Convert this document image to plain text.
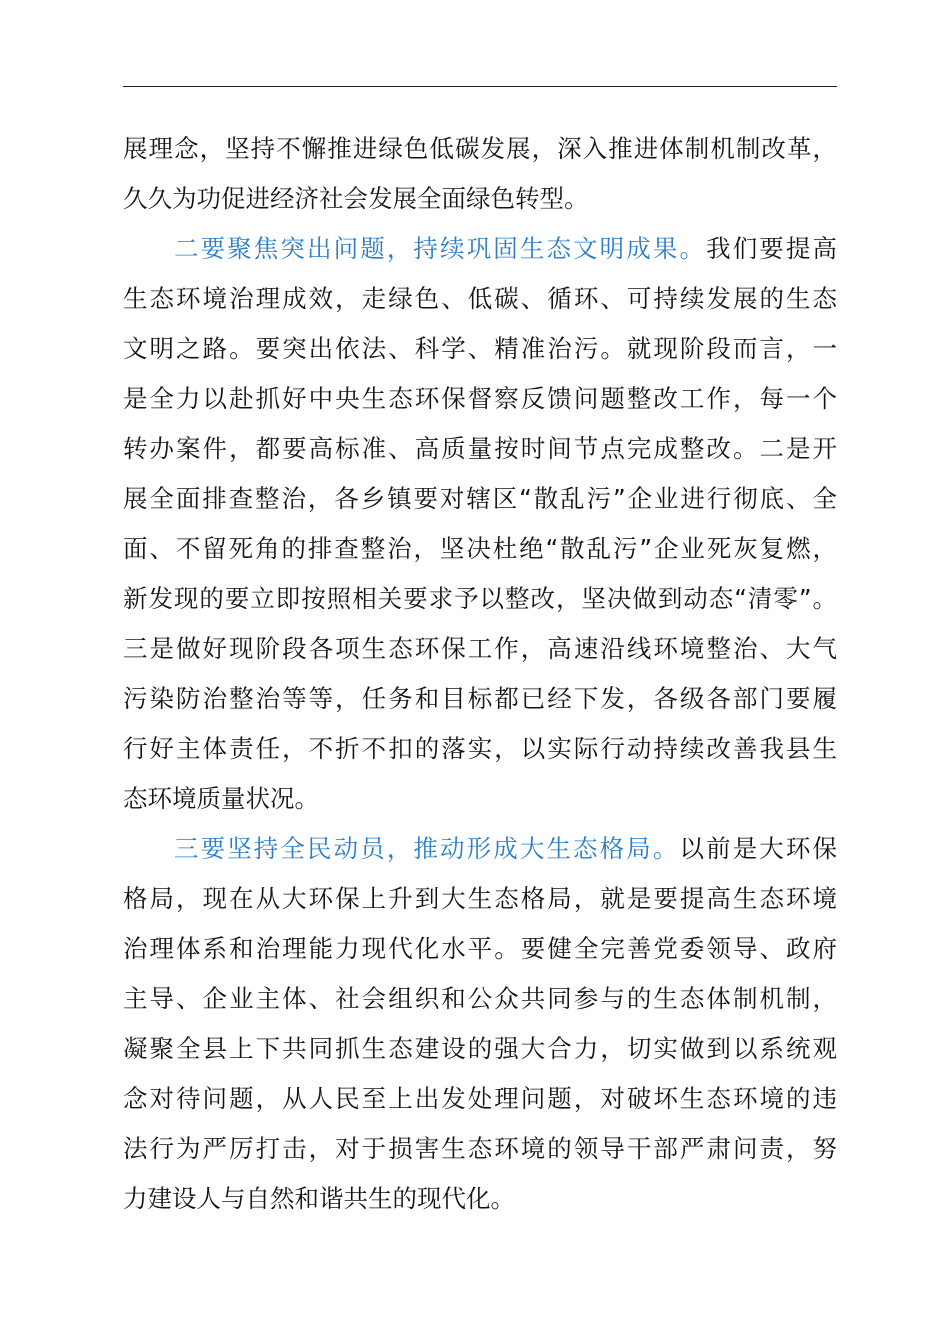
展理念，坚持不懈推进绿色低碳发展，深入推进体制机制改革，
久久为功促进经济社会发展全面绿色转型。
二要聚焦突出问题，持续巩固生态文明成果。我们要提高
生态环境治理成效，走绿色、低碳、循环、可持续发展的生态
文明之路。要突出依法、科学、精准治污。就现阶段而言，一
是全力以赴抓好中央生态环保督察反馈问题整改工作，每一个
转办案件，都要高标准、高质量按时间节点完成整改。二是开
展全面排查整治，各乡镇要对辖区“散乱污”企业进行彻底、全
面、不留死角的排查整治，坚决杜绝“散乱污”企业死灰复燃，
新发现的要立即按照相关要求予以整改，坚决做到动态“清零”。
三是做好现阶段各项生态环保工作，高速沿线环境整治、大气
污染防治整治等等，任务和目标都已经下发，各级各部门要履
行好主体责任，不折不扣的落实，以实际行动持续改善我县生
态环境质量状况。
三要坚持全民动员，推动形成大生态格局。以前是大环保
格局，现在从大环保上升到大生态格局，就是要提高生态环境
治理体系和治理能力现代化水平。要健全完善党委领导、政府
主导、企业主体、社会组织和公众共同参与的生态体制机制，
凝聚全县上下共同抓生态建设的强大合力，切实做到以系统观
念对待问题，从人民至上出发处理问题，对破坏生态环境的违
法行为严厉打击，对于损害生态环境的领导干部严肃问责，努
力建设人与自然和谐共生的现代化。
